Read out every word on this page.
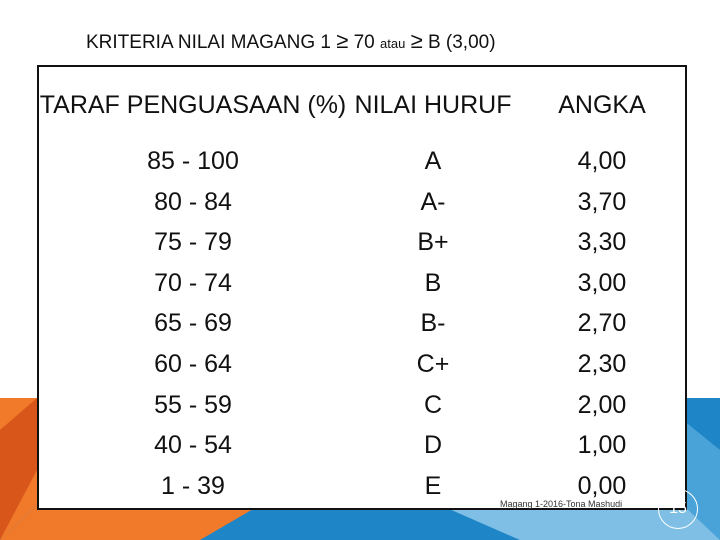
KRITERIA NILAI MAGANG 1 ≥ 70 atau ≥ B (3,00)
TARAF PENGUASAAN (%)
85 - 100
80 - 84
75 - 79
70 - 74
65 - 69
60 - 64
55 - 59
40 - 54
1 - 39
NILAI HURUF
A
A-
B+
B
B-
C+
C
D
E
ANGKA
4,00
3,70
3,30
3,00
2,70
2,30
2,00
1,00
0,00
Magang 1-2016-Tona Mashudi	15
